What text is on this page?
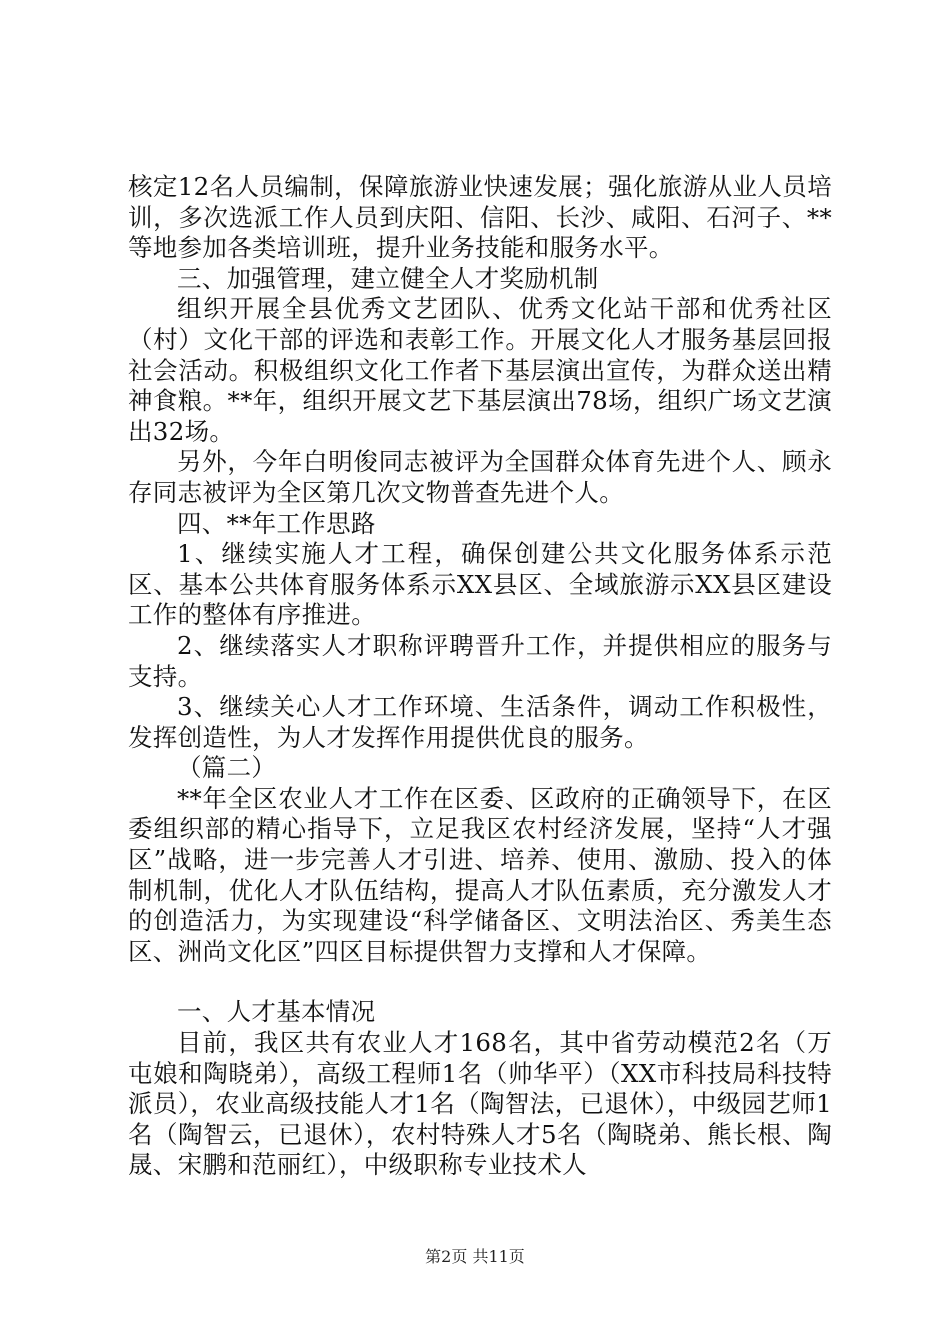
核定12名人员编制，保障旅游业快速发展；强化旅游从业人员培训，多次选派工作人员到庆阳、信阳、长沙、咸阳、石河子、**等地参加各类培训班，提升业务技能和服务水平。

三、加强管理，建立健全人才奖励机制

组织开展全县优秀文艺团队、优秀文化站干部和优秀社区（村）文化干部的评选和表彰工作。开展文化人才服务基层回报社会活动。积极组织文化工作者下基层演出宣传，为群众送出精神食粮。**年，组织开展文艺下基层演出78场，组织广场文艺演出32场。

另外，今年白明俊同志被评为全国群众体育先进个人、顾永存同志被评为全区第几次文物普查先进个人。

四、**年工作思路

1、继续实施人才工程，确保创建公共文化服务体系示范区、基本公共体育服务体系示XX县区、全域旅游示XX县区建设工作的整体有序推进。

2、继续落实人才职称评聘晋升工作，并提供相应的服务与支持。

3、继续关心人才工作环境、生活条件，调动工作积极性，发挥创造性，为人才发挥作用提供优良的服务。

（篇二）

**年全区农业人才工作在区委、区政府的正确领导下，在区委组织部的精心指导下，立足我区农村经济发展，坚持“人才强区”战略，进一步完善人才引进、培养、使用、激励、投入的体制机制，优化人才队伍结构，提高人才队伍素质，充分激发人才的创造活力，为实现建设“科学储备区、文明法治区、秀美生态区、洲尚文化区”四区目标提供智力支撑和人才保障。

一、人才基本情况

目前，我区共有农业人才168名，其中省劳动模范2名（万屯娘和陶晓弟），高级工程师1名（帅华平）（XX市科技局科技特派员），农业高级技能人才1名（陶智法，已退休），中级园艺师1名（陶智云，已退休），农村特殊人才5名（陶晓弟、熊长根、陶晟、宋鹏和范丽红），中级职称专业技术人

第2页 共11页
